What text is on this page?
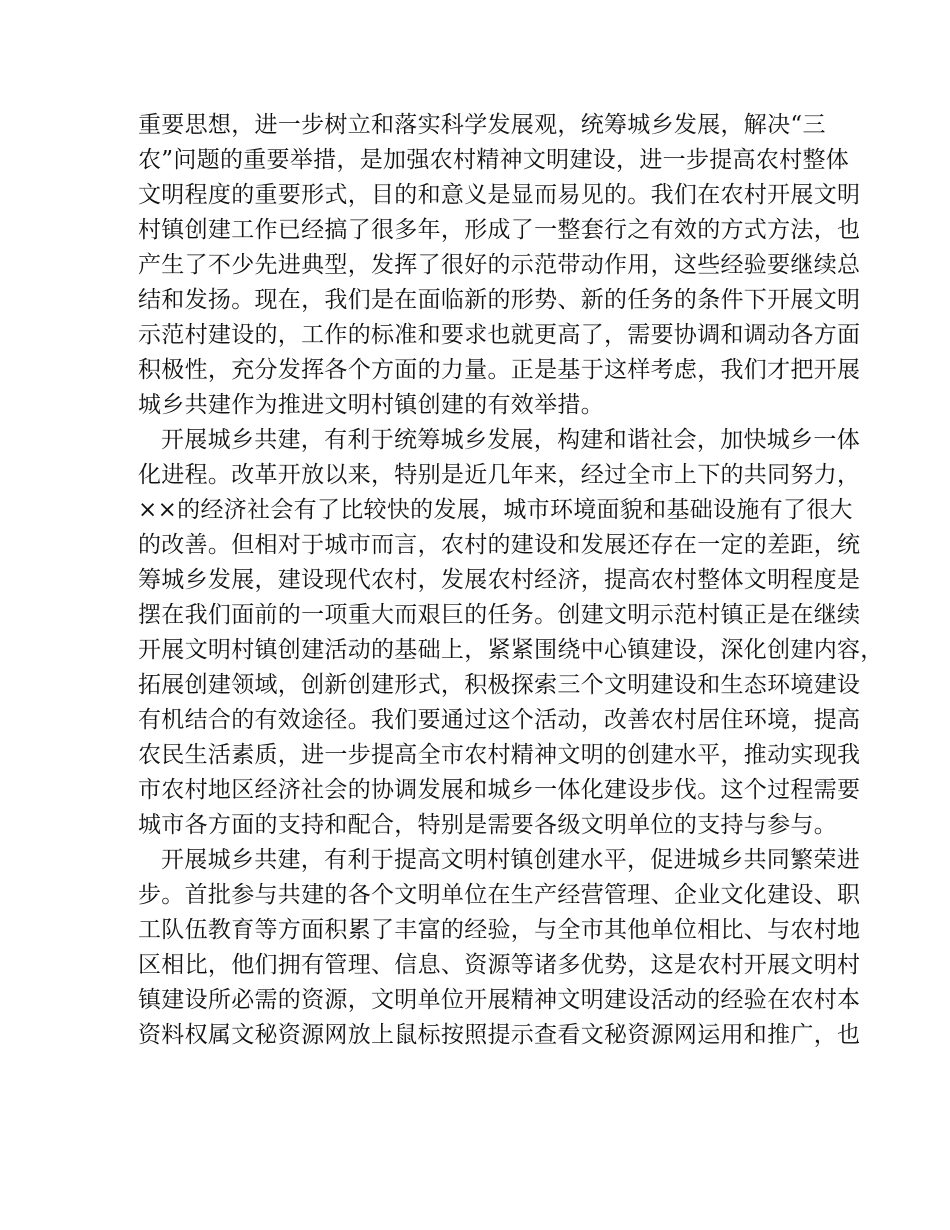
重要思想，进一步树立和落实科学发展观，统筹城乡发展，解决“三
农”问题的重要举措，是加强农村精神文明建设，进一步提高农村整体
文明程度的重要形式，目的和意义是显而易见的。我们在农村开展文明
村镇创建工作已经搞了很多年，形成了一整套行之有效的方式方法，也
产生了不少先进典型，发挥了很好的示范带动作用，这些经验要继续总
结和发扬。现在，我们是在面临新的形势、新的任务的条件下开展文明
示范村建设的，工作的标准和要求也就更高了，需要协调和调动各方面
积极性，充分发挥各个方面的力量。正是基于这样考虑，我们才把开展
城乡共建作为推进文明村镇创建的有效举措。
开展城乡共建，有利于统筹城乡发展，构建和谐社会，加快城乡一体
化进程。改革开放以来，特别是近几年来，经过全市上下的共同努力，
××的经济社会有了比较快的发展，城市环境面貌和基础设施有了很大
的改善。但相对于城市而言，农村的建设和发展还存在一定的差距，统
筹城乡发展，建设现代农村，发展农村经济，提高农村整体文明程度是
摆在我们面前的一项重大而艰巨的任务。创建文明示范村镇正是在继续
开展文明村镇创建活动的基础上，紧紧围绕中心镇建设，深化创建内容，
拓展创建领域，创新创建形式，积极探索三个文明建设和生态环境建设
有机结合的有效途径。我们要通过这个活动，改善农村居住环境，提高
农民生活素质，进一步提高全市农村精神文明的创建水平，推动实现我
市农村地区经济社会的协调发展和城乡一体化建设步伐。这个过程需要
城市各方面的支持和配合，特别是需要各级文明单位的支持与参与。
开展城乡共建，有利于提高文明村镇创建水平，促进城乡共同繁荣进
步。首批参与共建的各个文明单位在生产经营管理、企业文化建设、职
工队伍教育等方面积累了丰富的经验，与全市其他单位相比、与农村地
区相比，他们拥有管理、信息、资源等诸多优势，这是农村开展文明村
镇建设所必需的资源，文明单位开展精神文明建设活动的经验在农村本
资料权属文秘资源网放上鼠标按照提示查看文秘资源网运用和推广，也
